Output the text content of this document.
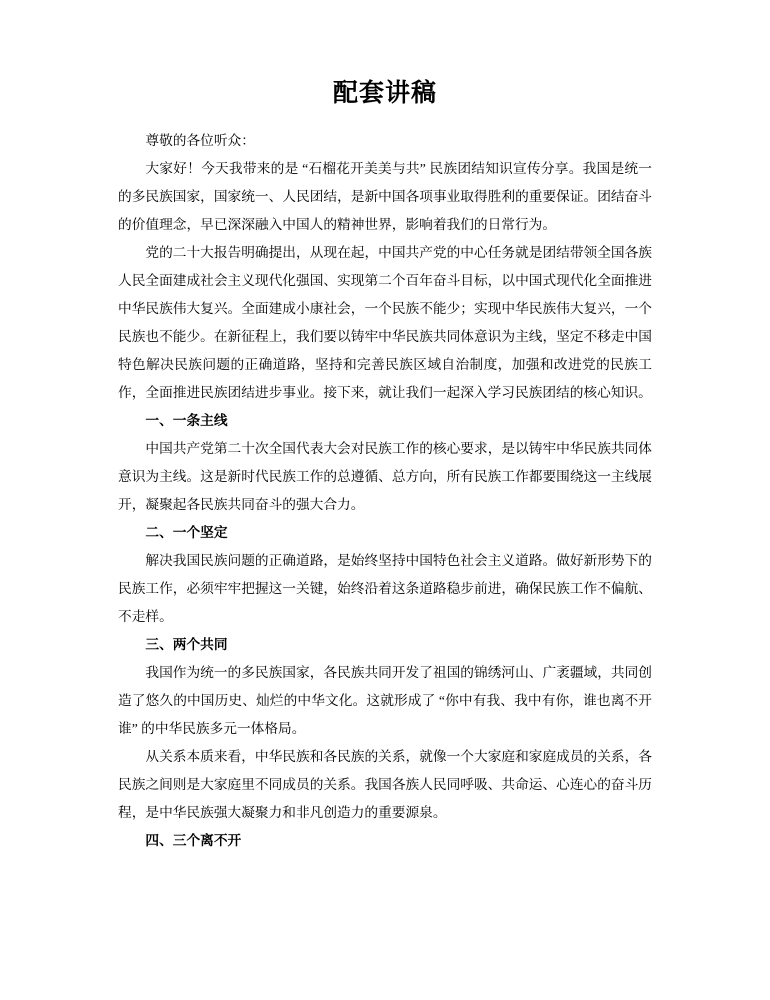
配套讲稿

尊敬的各位听众：

大家好！今天我带来的是 “石榴花开美美与共” 民族团结知识宣传分享。我国是统一的多民族国家，国家统一、人民团结，是新中国各项事业取得胜利的重要保证。团结奋斗的价值理念，早已深深融入中国人的精神世界，影响着我们的日常行为。

党的二十大报告明确提出，从现在起，中国共产党的中心任务就是团结带领全国各族人民全面建成社会主义现代化强国、实现第二个百年奋斗目标，以中国式现代化全面推进中华民族伟大复兴。全面建成小康社会，一个民族不能少；实现中华民族伟大复兴，一个民族也不能少。在新征程上，我们要以铸牢中华民族共同体意识为主线，坚定不移走中国特色解决民族问题的正确道路，坚持和完善民族区域自治制度，加强和改进党的民族工作，全面推进民族团结进步事业。接下来，就让我们一起深入学习民族团结的核心知识。

一、一条主线

中国共产党第二十次全国代表大会对民族工作的核心要求，是以铸牢中华民族共同体意识为主线。这是新时代民族工作的总遵循、总方向，所有民族工作都要围绕这一主线展开，凝聚起各民族共同奋斗的强大合力。

二、一个坚定

解决我国民族问题的正确道路，是始终坚持中国特色社会主义道路。做好新形势下的民族工作，必须牢牢把握这一关键，始终沿着这条道路稳步前进，确保民族工作不偏航、不走样。

三、两个共同

我国作为统一的多民族国家，各民族共同开发了祖国的锦绣河山、广袤疆域，共同创造了悠久的中国历史、灿烂的中华文化。这就形成了 “你中有我、我中有你，谁也离不开谁” 的中华民族多元一体格局。

从关系本质来看，中华民族和各民族的关系，就像一个大家庭和家庭成员的关系，各民族之间则是大家庭里不同成员的关系。我国各族人民同呼吸、共命运、心连心的奋斗历程，是中华民族强大凝聚力和非凡创造力的重要源泉。

四、三个离不开
